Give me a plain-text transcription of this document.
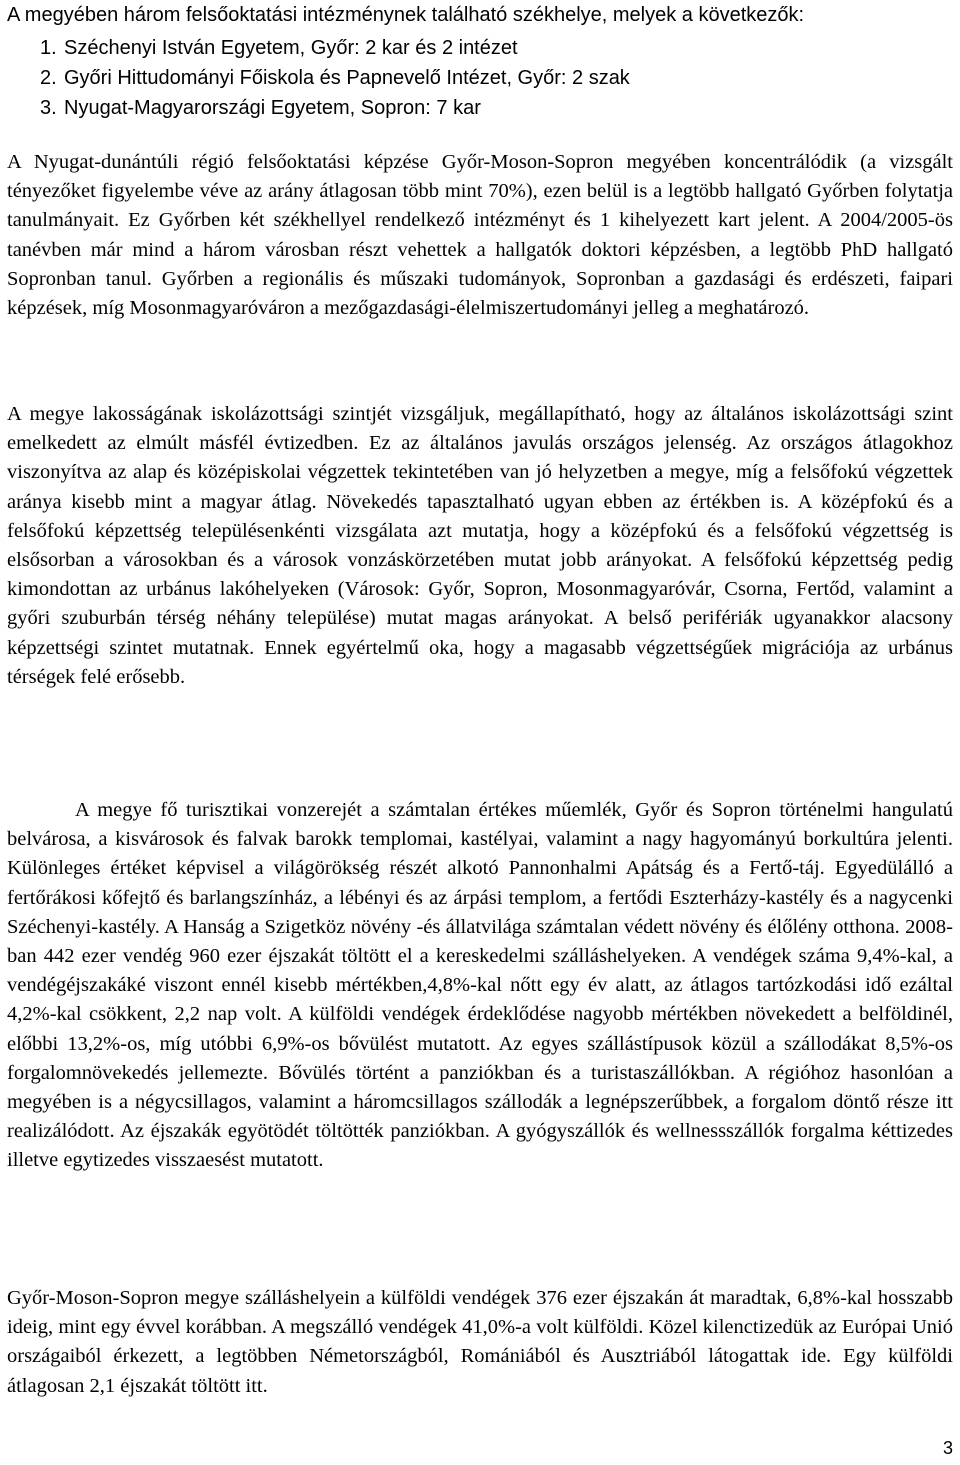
A megyében három felsőoktatási intézménynek található székhelye, melyek a következők:
1. Széchenyi István Egyetem, Győr: 2 kar és 2 intézet
2. Győri Hittudományi Főiskola és Papnevelő Intézet, Győr: 2 szak
3. Nyugat-Magyarországi Egyetem, Sopron: 7 kar

A Nyugat-dunántúli régió felsőoktatási képzése Győr-Moson-Sopron megyében koncentrálódik (a vizsgált tényezőket figyelembe véve az arány átlagosan több mint 70%), ezen belül is a legtöbb hallgató Győrben folytatja tanulmányait. Ez Győrben két székhellyel rendelkező intézményt és 1 kihelyezett kart jelent. A 2004/2005-ös tanévben már mind a három városban részt vehettek a hallgatók doktori képzésben, a legtöbb PhD hallgató Sopronban tanul. Győrben a regionális és műszaki tudományok, Sopronban a gazdasági és erdészeti, faipari képzések, míg Mosonmagyaróváron a mezőgazdasági-élelmiszertudományi jelleg a meghatározó.

A megye lakosságának iskolázottsági szintjét vizsgáljuk, megállapítható, hogy az általános iskolázottsági szint emelkedett az elmúlt másfél évtizedben. Ez az általános javulás országos jelenség. Az országos átlagokhoz viszonyítva az alap és középiskolai végzettek tekintetében van jó helyzetben a megye, míg a felsőfokú végzettek aránya kisebb mint a magyar átlag. Növekedés tapasztalható ugyan ebben az értékben is. A középfokú és a felsőfokú képzettség településenkénti vizsgálata azt mutatja, hogy a középfokú és a felsőfokú végzettség is elsősorban a városokban és a városok vonzáskörzetében mutat jobb arányokat. A felsőfokú képzettség pedig kimondottan az urbánus lakóhelyeken (Városok: Győr, Sopron, Mosonmagyaróvár, Csorna, Fertőd, valamint a győri szuburbán térség néhány települése) mutat magas arányokat. A belső perifériák ugyanakkor alacsony képzettségi szintet mutatnak. Ennek egyértelmű oka, hogy a magasabb végzettségűek migrációja az urbánus térségek felé erősebb.

A megye fő turisztikai vonzerejét a számtalan értékes műemlék, Győr és Sopron történelmi hangulatú belvárosa, a kisvárosok és falvak barokk templomai, kastélyai, valamint a nagy hagyományú borkultúra jelenti. Különleges értéket képvisel a világörökség részét alkotó Pannonhalmi Apátság és a Fertő-táj. Egyedülálló a fertőrákosi kőfejtő és barlangszínház, a lébényi és az árpási templom, a fertődi Eszterházy-kastély és a nagycenki Széchenyi-kastély. A Hanság a Szigetköz növény -és állatvilága számtalan védett növény és élőlény otthona. 2008-ban 442 ezer vendég 960 ezer éjszakát töltött el a kereskedelmi szálláshelyeken. A vendégek száma 9,4%-kal, a vendégéjszakáké viszont ennél kisebb mértékben,4,8%-kal nőtt egy év alatt, az átlagos tartózkodási idő ezáltal 4,2%-kal csökkent, 2,2 nap volt. A külföldi vendégek érdeklődése nagyobb mértékben növekedett a belföldinél, előbbi 13,2%-os, míg utóbbi 6,9%-os bővülést mutatott. Az egyes szállástípusok közül a szállodákat 8,5%-os forgalomnövekedés jellemezte. Bővülés történt a panziókban és a turistaszállókban. A régióhoz hasonlóan a megyében is a négycsillagos, valamint a háromcsillagos szállodák a legnépszerűbbek, a forgalom döntő része itt realizálódott. Az éjszakák egyötödét töltötték panziókban. A gyógyszállók és wellnessszállók forgalma kéttizedes illetve egytizedes visszaesést mutatott.

Győr-Moson-Sopron megye szálláshelyein a külföldi vendégek 376 ezer éjszakán át maradtak, 6,8%-kal hosszabb ideig, mint egy évvel korábban. A megszálló vendégek 41,0%-a volt külföldi. Közel kilenctizedük az Európai Unió országaiból érkezett, a legtöbben Németországból, Romániából és Ausztriából látogattak ide. Egy külföldi átlagosan 2,1 éjszakát töltött itt.

3
